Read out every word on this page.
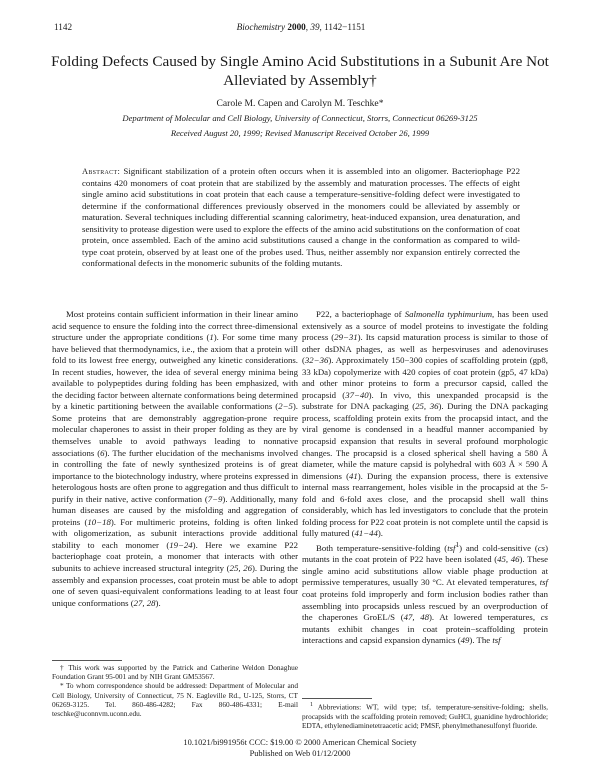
1142	Biochemistry 2000, 39, 1142−1151
Folding Defects Caused by Single Amino Acid Substitutions in a Subunit Are Not
Alleviated by Assembly†
Carole M. Capen and Carolyn M. Teschke*
Department of Molecular and Cell Biology, University of Connecticut, Storrs, Connecticut 06269-3125
Received August 20, 1999; Revised Manuscript Received October 26, 1999
Abstract: Significant stabilization of a protein often occurs when it is assembled into an oligomer. Bacteriophage P22 contains 420 monomers of coat protein that are stabilized by the assembly and maturation processes. The effects of eight single amino acid substitutions in coat protein that each cause a temperature-sensitive-folding defect were investigated to determine if the conformational differences previously observed in the monomers could be alleviated by assembly or maturation. Several techniques including differential scanning calorimetry, heat-induced expansion, urea denaturation, and sensitivity to protease digestion were used to explore the effects of the amino acid substitutions on the conformation of coat protein, once assembled. Each of the amino acid substitutions caused a change in the conformation as compared to wild-type coat protein, observed by at least one of the probes used. Thus, neither assembly nor expansion entirely corrected the conformational defects in the monomeric subunits of the folding mutants.

Most proteins contain sufficient information in their linear amino acid sequence to ensure the folding into the correct three-dimensional structure under the appropriate conditions (1). For some time many have believed that thermodynamics, i.e., the axiom that a protein will fold to its lowest free energy, outweighed any kinetic considerations. In recent studies, however, the idea of several energy minima being available to polypeptides during folding has been emphasized, with the deciding factor between alternate conformations being determined by a kinetic partitioning between the available conformations (2−5). Some proteins that are demonstrably aggregation-prone require molecular chaperones to assist in their proper folding as they are by themselves unable to avoid pathways leading to nonnative associations (6). The further elucidation of the mechanisms involved in controlling the fate of newly synthesized proteins is of great importance to the biotechnology industry, where proteins expressed in heterologous hosts are often prone to aggregation and thus difficult to purify in their native, active conformation (7−9). Additionally, many human diseases are caused by the misfolding and aggregation of proteins (10−18). For multimeric proteins, folding is often linked with oligomerization, as subunit interactions provide additional stability to each monomer (19−24). Here we examine P22 bacteriophage coat protein, a monomer that interacts with other subunits to achieve increased structural integrity (25, 26). During the assembly and expansion processes, coat protein must be able to adopt one of seven quasi-equivalent conformations leading to at least four unique conformations (27, 28).

P22, a bacteriophage of Salmonella typhimurium, has been used extensively as a source of model proteins to investigate the folding process (29−31). Its capsid maturation process is similar to those of other dsDNA phages, as well as herpesviruses and adenoviruses (32−36). Approximately 150−300 copies of scaffolding protein (gp8, 33 kDa) copolymerize with 420 copies of coat protein (gp5, 47 kDa) and other minor proteins to form a precursor capsid, called the procapsid (37−40). In vivo, this unexpanded procapsid is the substrate for DNA packaging (25, 36). During the DNA packaging process, scaffolding protein exits from the procapsid intact, and the viral genome is condensed in a headful manner accompanied by procapsid expansion that results in several profound morphologic changes. The procapsid is a closed spherical shell having a 580 Å diameter, while the mature capsid is polyhedral with 603 Å × 590 Å dimensions (41). During the expansion process, there is extensive internal mass rearrangement, holes visible in the procapsid at the 5-fold and 6-fold axes close, and the procapsid shell wall thins considerably, which has led investigators to conclude that the protein folding process for P22 coat protein is not complete until the capsid is fully matured (41−44).

Both temperature-sensitive-folding (tsf$^1$) and cold-sensitive (cs) mutants in the coat protein of P22 have been isolated (45, 46). These single amino acid substitutions allow viable phage production at permissive temperatures, usually 30 °C. At elevated temperatures, tsf coat proteins fold improperly and form inclusion bodies rather than assembling into procapsids unless rescued by an overproduction of the chaperones GroEL/S (47, 48). At lowered temperatures, cs mutants exhibit changes in coat protein−scaffolding protein interactions and capsid expansion dynamics (49). The tsf

† This work was supported by the Patrick and Catherine Weldon Donaghue Foundation Grant 95-001 and by NIH Grant GM53567.

* To whom correspondence should be addressed: Department of Molecular and Cell Biology, University of Connecticut, 75 N. Eagleville Rd., U-125, Storrs, CT 06269-3125. Tel. 860-486-4282; Fax 860-486-4331; E-mail teschke@uconnvm.uconn.edu.

$^1$ Abbreviations: WT, wild type; tsf, temperature-sensitive-folding; shells, procapsids with the scaffolding protein removed; GuHCl, guanidine hydrochloride; EDTA, ethylenediaminetetraacetic acid; PMSF, phenylmethanesulfonyl fluoride.

10.1021/bi991956t CCC: $19.00 © 2000 American Chemical Society
Published on Web 01/12/2000
